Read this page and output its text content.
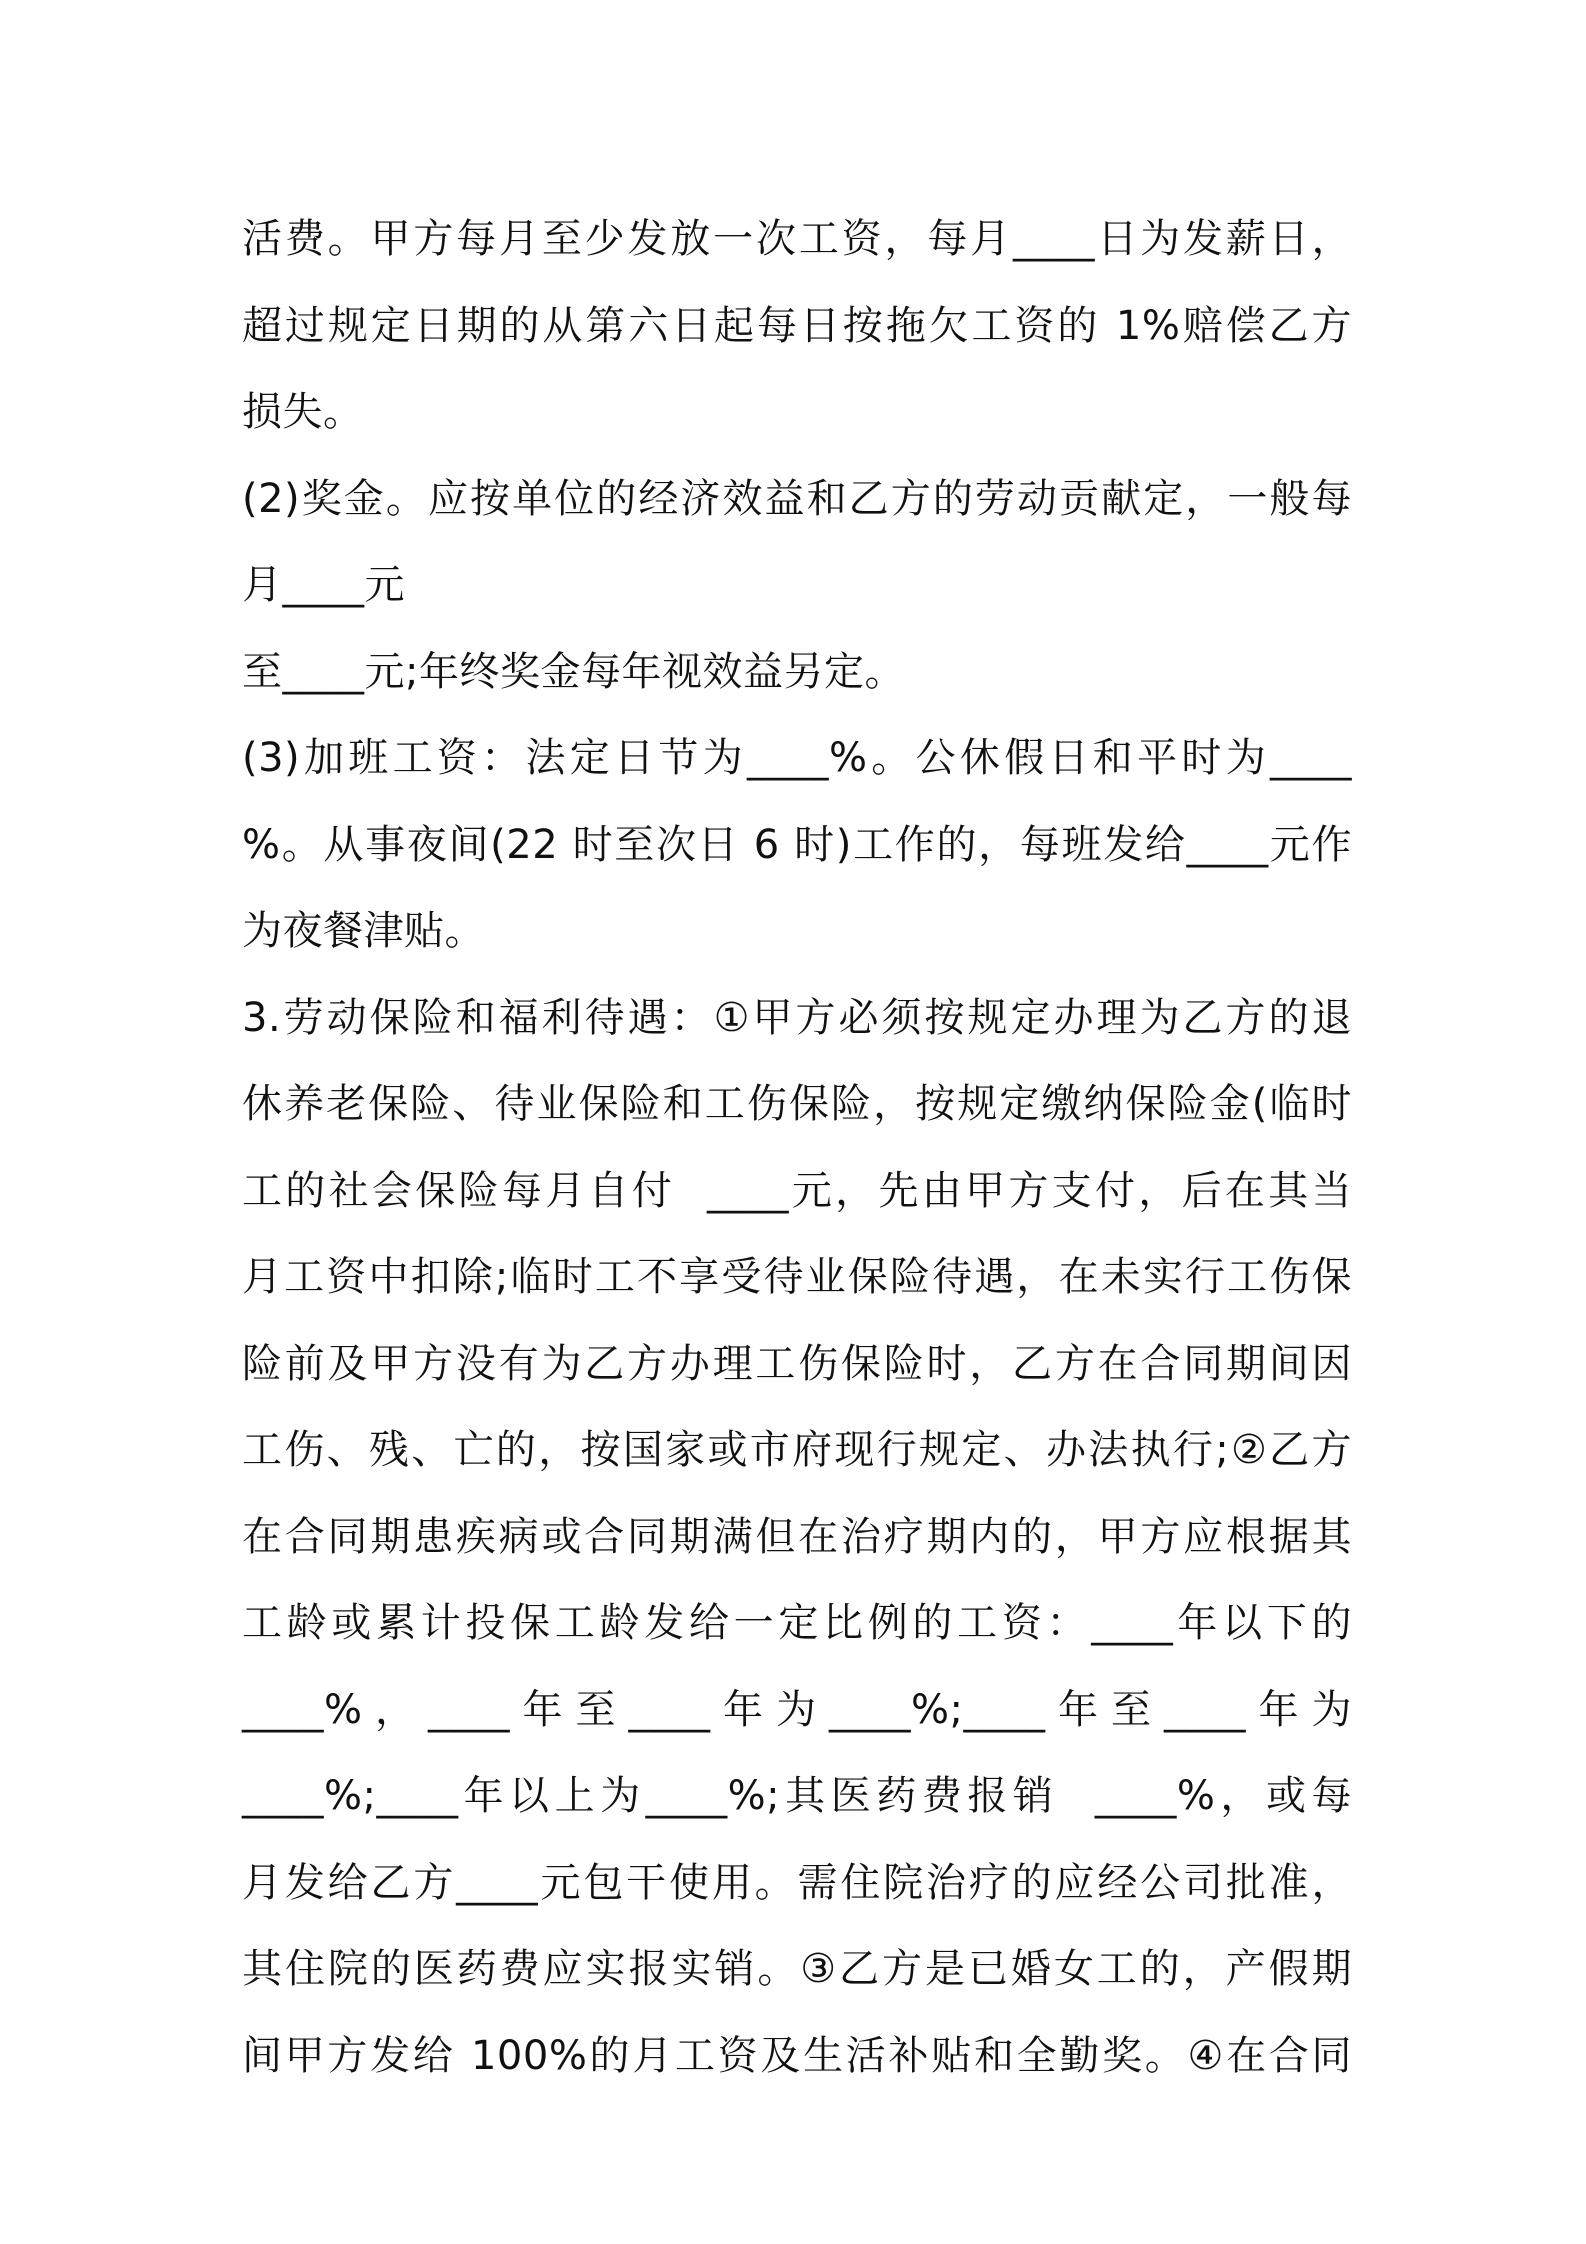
活费。甲方每月至少发放一次工资，每月____日为发薪日，
超过规定日期的从第六日起每日按拖欠工资的 1%赔偿乙方
损失。
(2)奖金。应按单位的经济效益和乙方的劳动贡献定，一般每
月____元
至____元;年终奖金每年视效益另定。
(3)加班工资：法定日节为____%。公休假日和平时为____
%。从事夜间(22 时至次日 6 时)工作的，每班发给____元作
为夜餐津贴。
3.劳动保险和福利待遇：①甲方必须按规定办理为乙方的退
休养老保险、待业保险和工伤保险，按规定缴纳保险金(临时
工的社会保险每月自付  ____元，先由甲方支付，后在其当
月工资中扣除;临时工不享受待业保险待遇，在未实行工伤保
险前及甲方没有为乙方办理工伤保险时，乙方在合同期间因
工伤、残、亡的，按国家或市府现行规定、办法执行;②乙方
在合同期患疾病或合同期满但在治疗期内的，甲方应根据其
工龄或累计投保工龄发给一定比例的工资：____年以下的
____%，____年至____年为____%;____年至____年为
____%;____年以上为____%;其医药费报销  ____%，或每
月发给乙方____元包干使用。需住院治疗的应经公司批准，
其住院的医药费应实报实销。③乙方是已婚女工的，产假期
间甲方发给 100%的月工资及生活补贴和全勤奖。④在合同
